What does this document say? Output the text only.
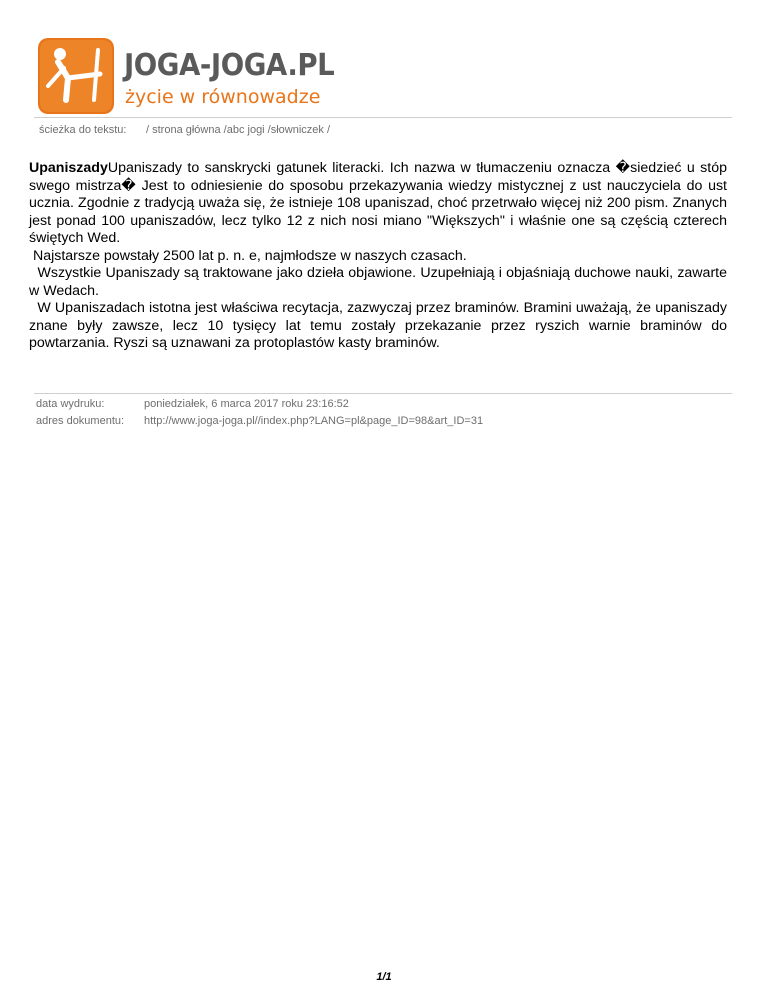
JOGA-JOGA.PL
życie w równowadze
ścieżka do tekstu: / strona główna /abc jogi /słowniczek /

UpaniszadyUpaniszady to sanskrycki gatunek literacki. Ich nazwa w tłumaczeniu oznacza �siedzieć u stóp swego mistrza� Jest to odniesienie do sposobu przekazywania wiedzy mistycznej z ust nauczyciela do ust ucznia. Zgodnie z tradycją uważa się, że istnieje 108 upaniszad, choć przetrwało więcej niż 200 pism. Znanych jest ponad 100 upaniszadów, lecz tylko 12 z nich nosi miano "Większych" i właśnie one są częścią czterech świętych Wed.

Najstarsze powstały 2500 lat p. n. e, najmłodsze w naszych czasach.

Wszystkie Upaniszady są traktowane jako dzieła objawione. Uzupełniają i objaśniają duchowe nauki, zawarte w Wedach.

W Upaniszadach istotna jest właściwa recytacja, zazwyczaj przez braminów. Bramini uważają, że upaniszady znane były zawsze, lecz 10 tysięcy lat temu zostały przekazanie przez ryszich warnie braminów do powtarzania. Ryszi są uznawani za protoplastów kasty braminów.

data wydruku:	poniedziałek, 6 marca 2017 roku 23:16:52
adres dokumentu: http://www.joga-joga.pl//index.php?LANG=pl&page_ID=98&art_ID=31
1/1
